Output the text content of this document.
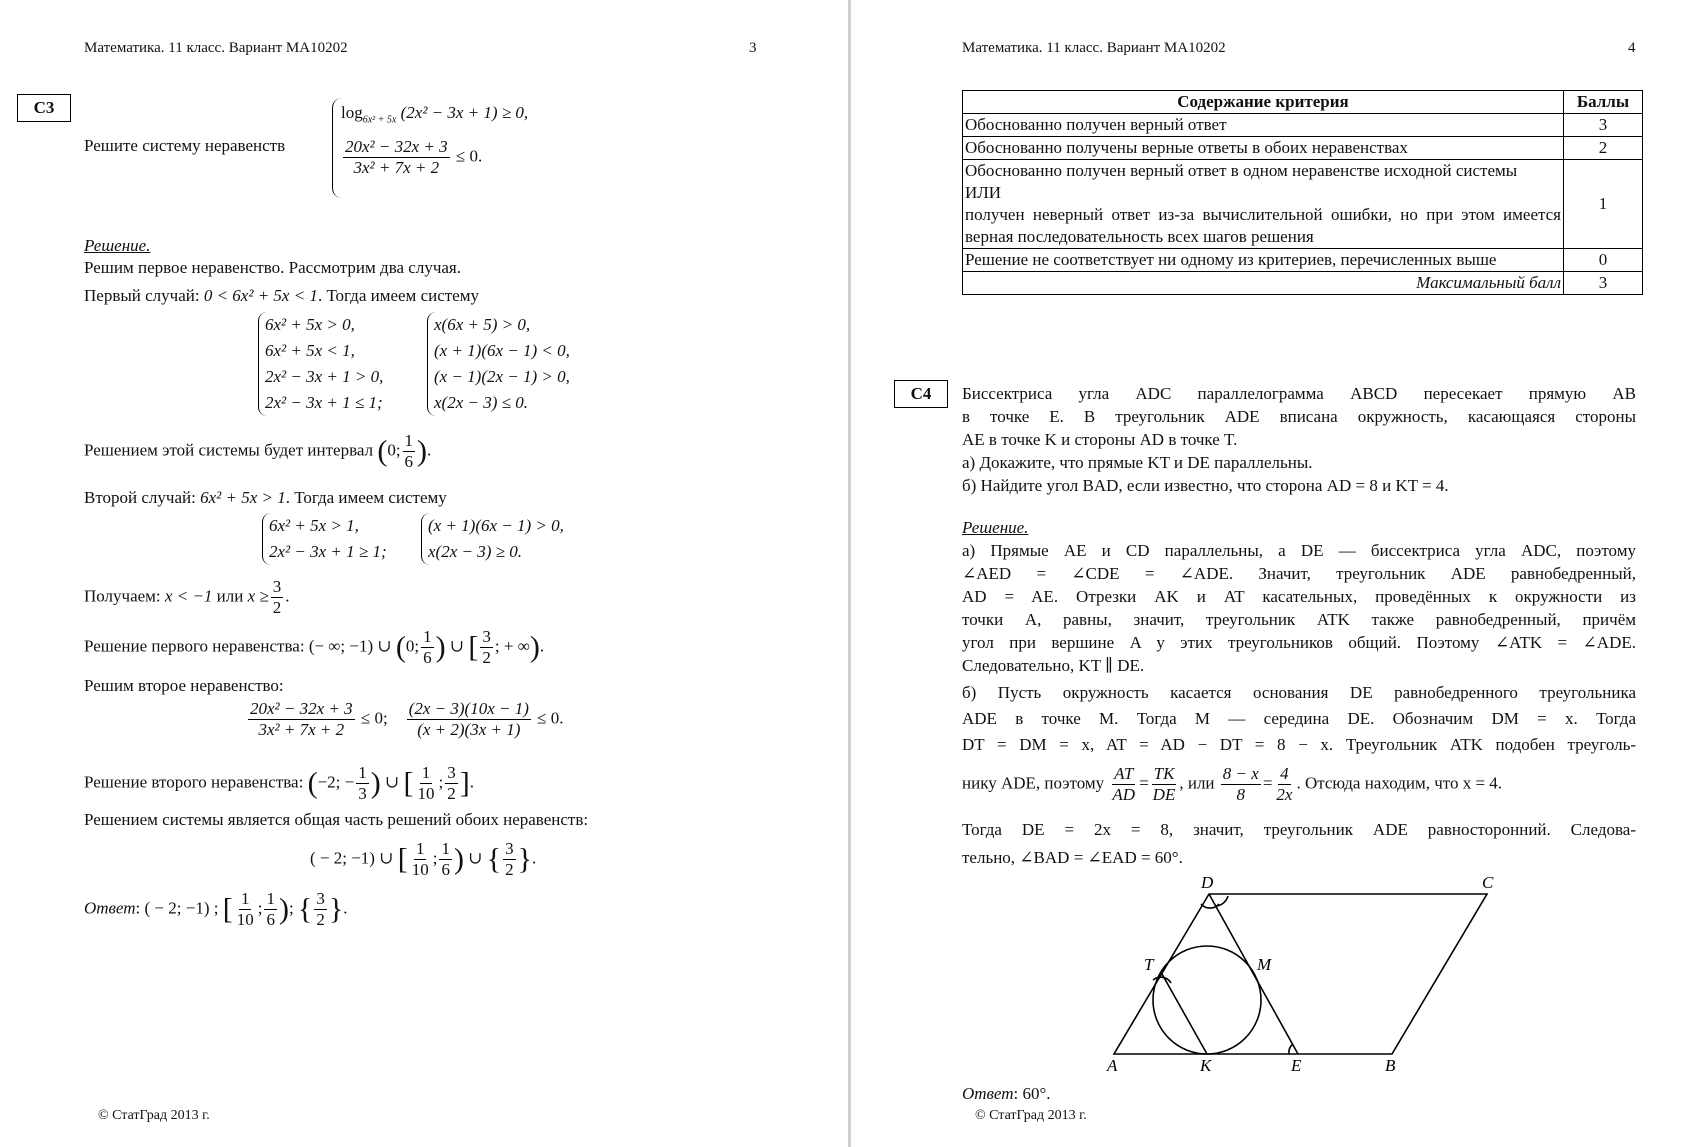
Математика. 11 класс. Вариант МА10202	3
C3
Решите систему неравенств
$\log_{6x^2 + 5x} (2x^2 - 3x + 1) \ge 0$,
$\frac{\text{20x² − 32x + 3}}{\text{3x² + 7x + 2}} \le 0$.
Решение.
Решим первое неравенство. Рассмотрим два случая.
Первый случай: 0 < 6x² + 5x < 1. Тогда имеем систему
6x² + 5x > 0,
6x² + 5x < 1,
2x² − 3x + 1 > 0,
2x² − 3x + 1 ≤ 1;
x(6x + 5) > 0,
(x + 1)(6x − 1) < 0,
(x − 1)(2x − 1) > 0,
x(2x − 3) ≤ 0.
Решением этой системы будет интервал (0; $\frac{1}{6}$ ).
Второй случай: 6x² + 5x > 1. Тогда имеем систему
6x² + 5x > 1,
2x² − 3x + 1 ≥ 1;
(x + 1)(6x − 1) > 0,
x(2x − 3) ≥ 0.
Получаем: x < −1 или $x \ge \frac{3}{2}$ .
Решение первого неравенства: (− ∞; −1) ∪ (0; $\frac{1}{6}$ ) ∪ [ $\frac{3}{2}$ ; + ∞).
Решим второе неравенство:
$\frac{\text{20x² − 32x + 3}}{\text{3x² + 7x + 2}} \le 0$; $\frac{(2x - 3)(10x - 1)}{(x + 2)(3x + 1)} \le 0$.
Решение второго неравенства: (−2; − $\frac{1}{3}$ ) ∪ [ $\frac{1}{10}$ ; $\frac{3}{2}$ ].
Решением системы является общая часть решений обоих неравенств:
( − 2; −1) ∪ [ $\frac{1}{10}$ ; $\frac{1}{6}$ ) ∪ { $\frac{3}{2}$ }.
Ответ: ( − 2; −1) ; [ $\frac{1}{10}$ ; $\frac{1}{6}$ ); { $\frac{3}{2}$ }.
© СтатГрад 2013 г.
Математика. 11 класс. Вариант МА10202	4
C4	Биссектриса угла ADC параллелограмма ABCD пересекает прямую AB
в точке E. В треугольник ADE вписана окружность, касающаяся стороны
AE в точке K и стороны AD в точке T.
а) Докажите, что прямые KT и DE параллельны.
б) Найдите угол BAD, если известно, что сторона AD = 8 и KT = 4.
Решение.
а) Прямые AE и CD параллельны, а DE — биссектриса угла ADC, поэтому
∠AED = ∠CDE = ∠ADE. Значит, треугольник ADE равнобедренный,
AD = AE. Отрезки AK и AT касательных, проведённых к окружности из
точки A, равны, значит, треугольник ATK также равнобедренный, причём
угол при вершине A у этих треугольников общий. Поэтому ∠ATK = ∠ADE.
Следовательно, KT ∥ DE.
б) Пусть окружность касается основания DE равнобедренного треугольника
ADE в точке M. Тогда M — середина DE. Обозначим DM = x. Тогда
DT = DM = x, AT = AD − DT = 8 − x. Треугольник ATK подобен треуголь-
нику ADE, поэтому $\frac{AT}{AD} = \frac{TK}{DE}$ , или $\frac{8 - x}{8} = \frac{4}{2x}$ . Отсюда находим, что x = 4.
Тогда DE = 2x = 8, значит, треугольник ADE равносторонний. Следова-
тельно, ∠BAD = ∠EAD = 60°.
D	C
T	M
A	K	E	B
Ответ: 60°.
© СтатГрад 2013 г.
Содержание критерия	Баллы
Обоснованно получен верный ответ	3
Обоснованно получены верные ответы в обоих неравенствах	2

Обоснованно получен верный ответ в одном неравенстве исходной системы
ИЛИ
получен неверный ответ из-за вычислительной ошибки, но при этом имеется верная последовательность всех шагов решения	1
Решение не соответствует ни одному из критериев, перечисленных выше	0
Максимальный балл	3
